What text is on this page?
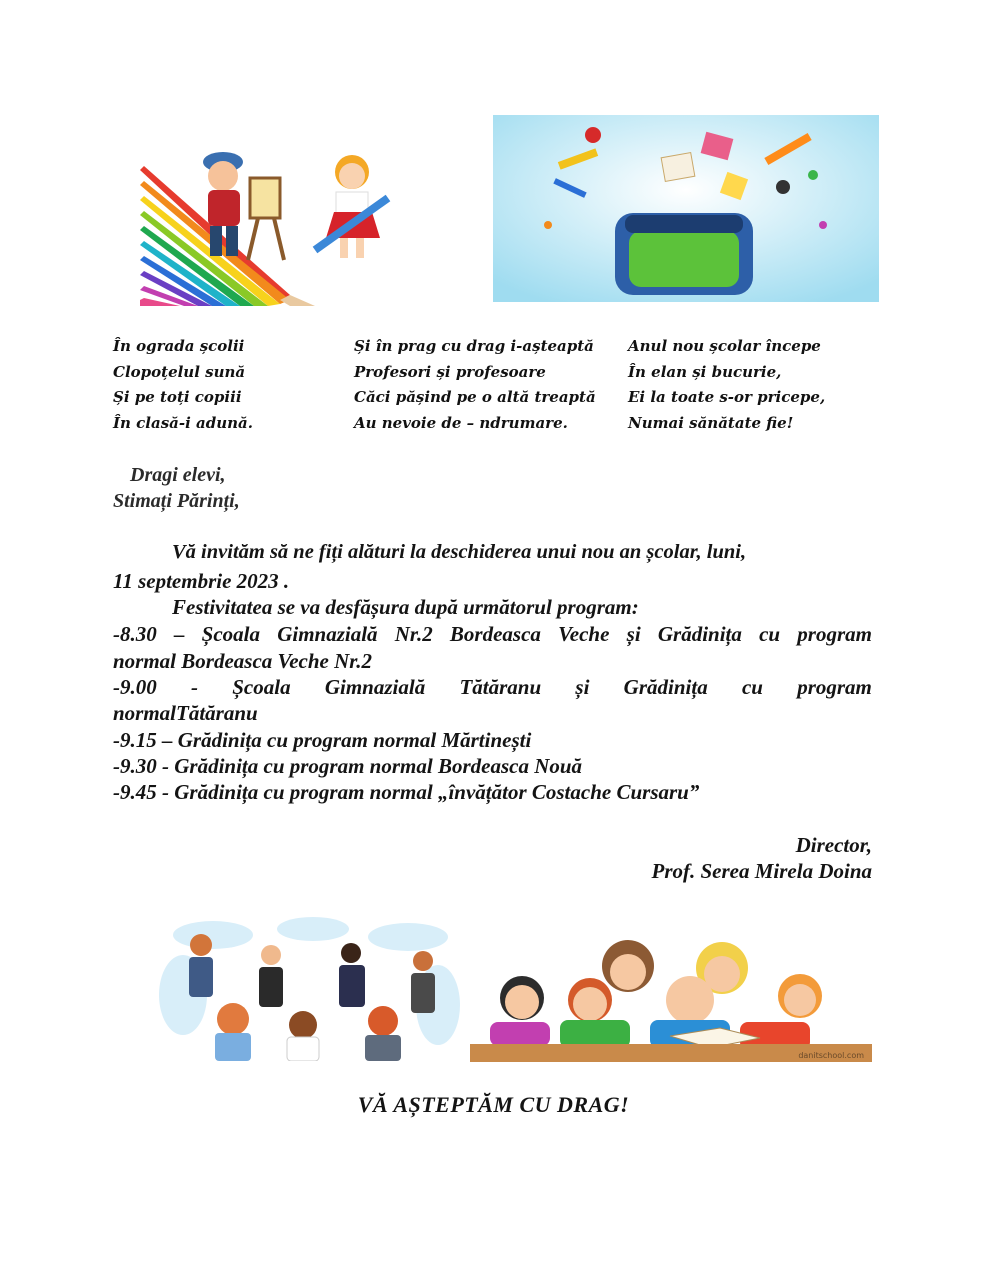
În ograda școlii
Clopoțelul sună
Și pe toți copiii
În clasă-i adună.
Și în prag cu drag i-așteaptă
Profesori și profesoare
Căci pășind pe o altă treaptă
Au nevoie de – ndrumare.
Anul nou școlar începe
În elan și bucurie,
Ei la toate s-or pricepe,
Numai sănătate fie!
Dragi elevi,
Stimați Părinți,
Vă invităm să ne fiți alături la deschiderea unui nou an școlar, luni,
11 septembrie 2023 .
Festivitatea se va desfășura după următorul program:
-8.30 – Școala Gimnazială Nr.2 Bordeasca Veche și Grădinița cu program
normal Bordeasca Veche Nr.2
-9.00 - Școala Gimnazială Tătăranu și Grădinița cu program
normalTătăranu
-9.15 – Grădinița cu program normal Mărtinești
-9.30 - Grădinița cu program normal Bordeasca Nouă
-9.45 - Grădinița cu program normal „învățător Costache Cursaru”
Director,
Prof. Serea Mirela Doina
danitschool.com
VĂ AȘTEPTĂM CU DRAG!
